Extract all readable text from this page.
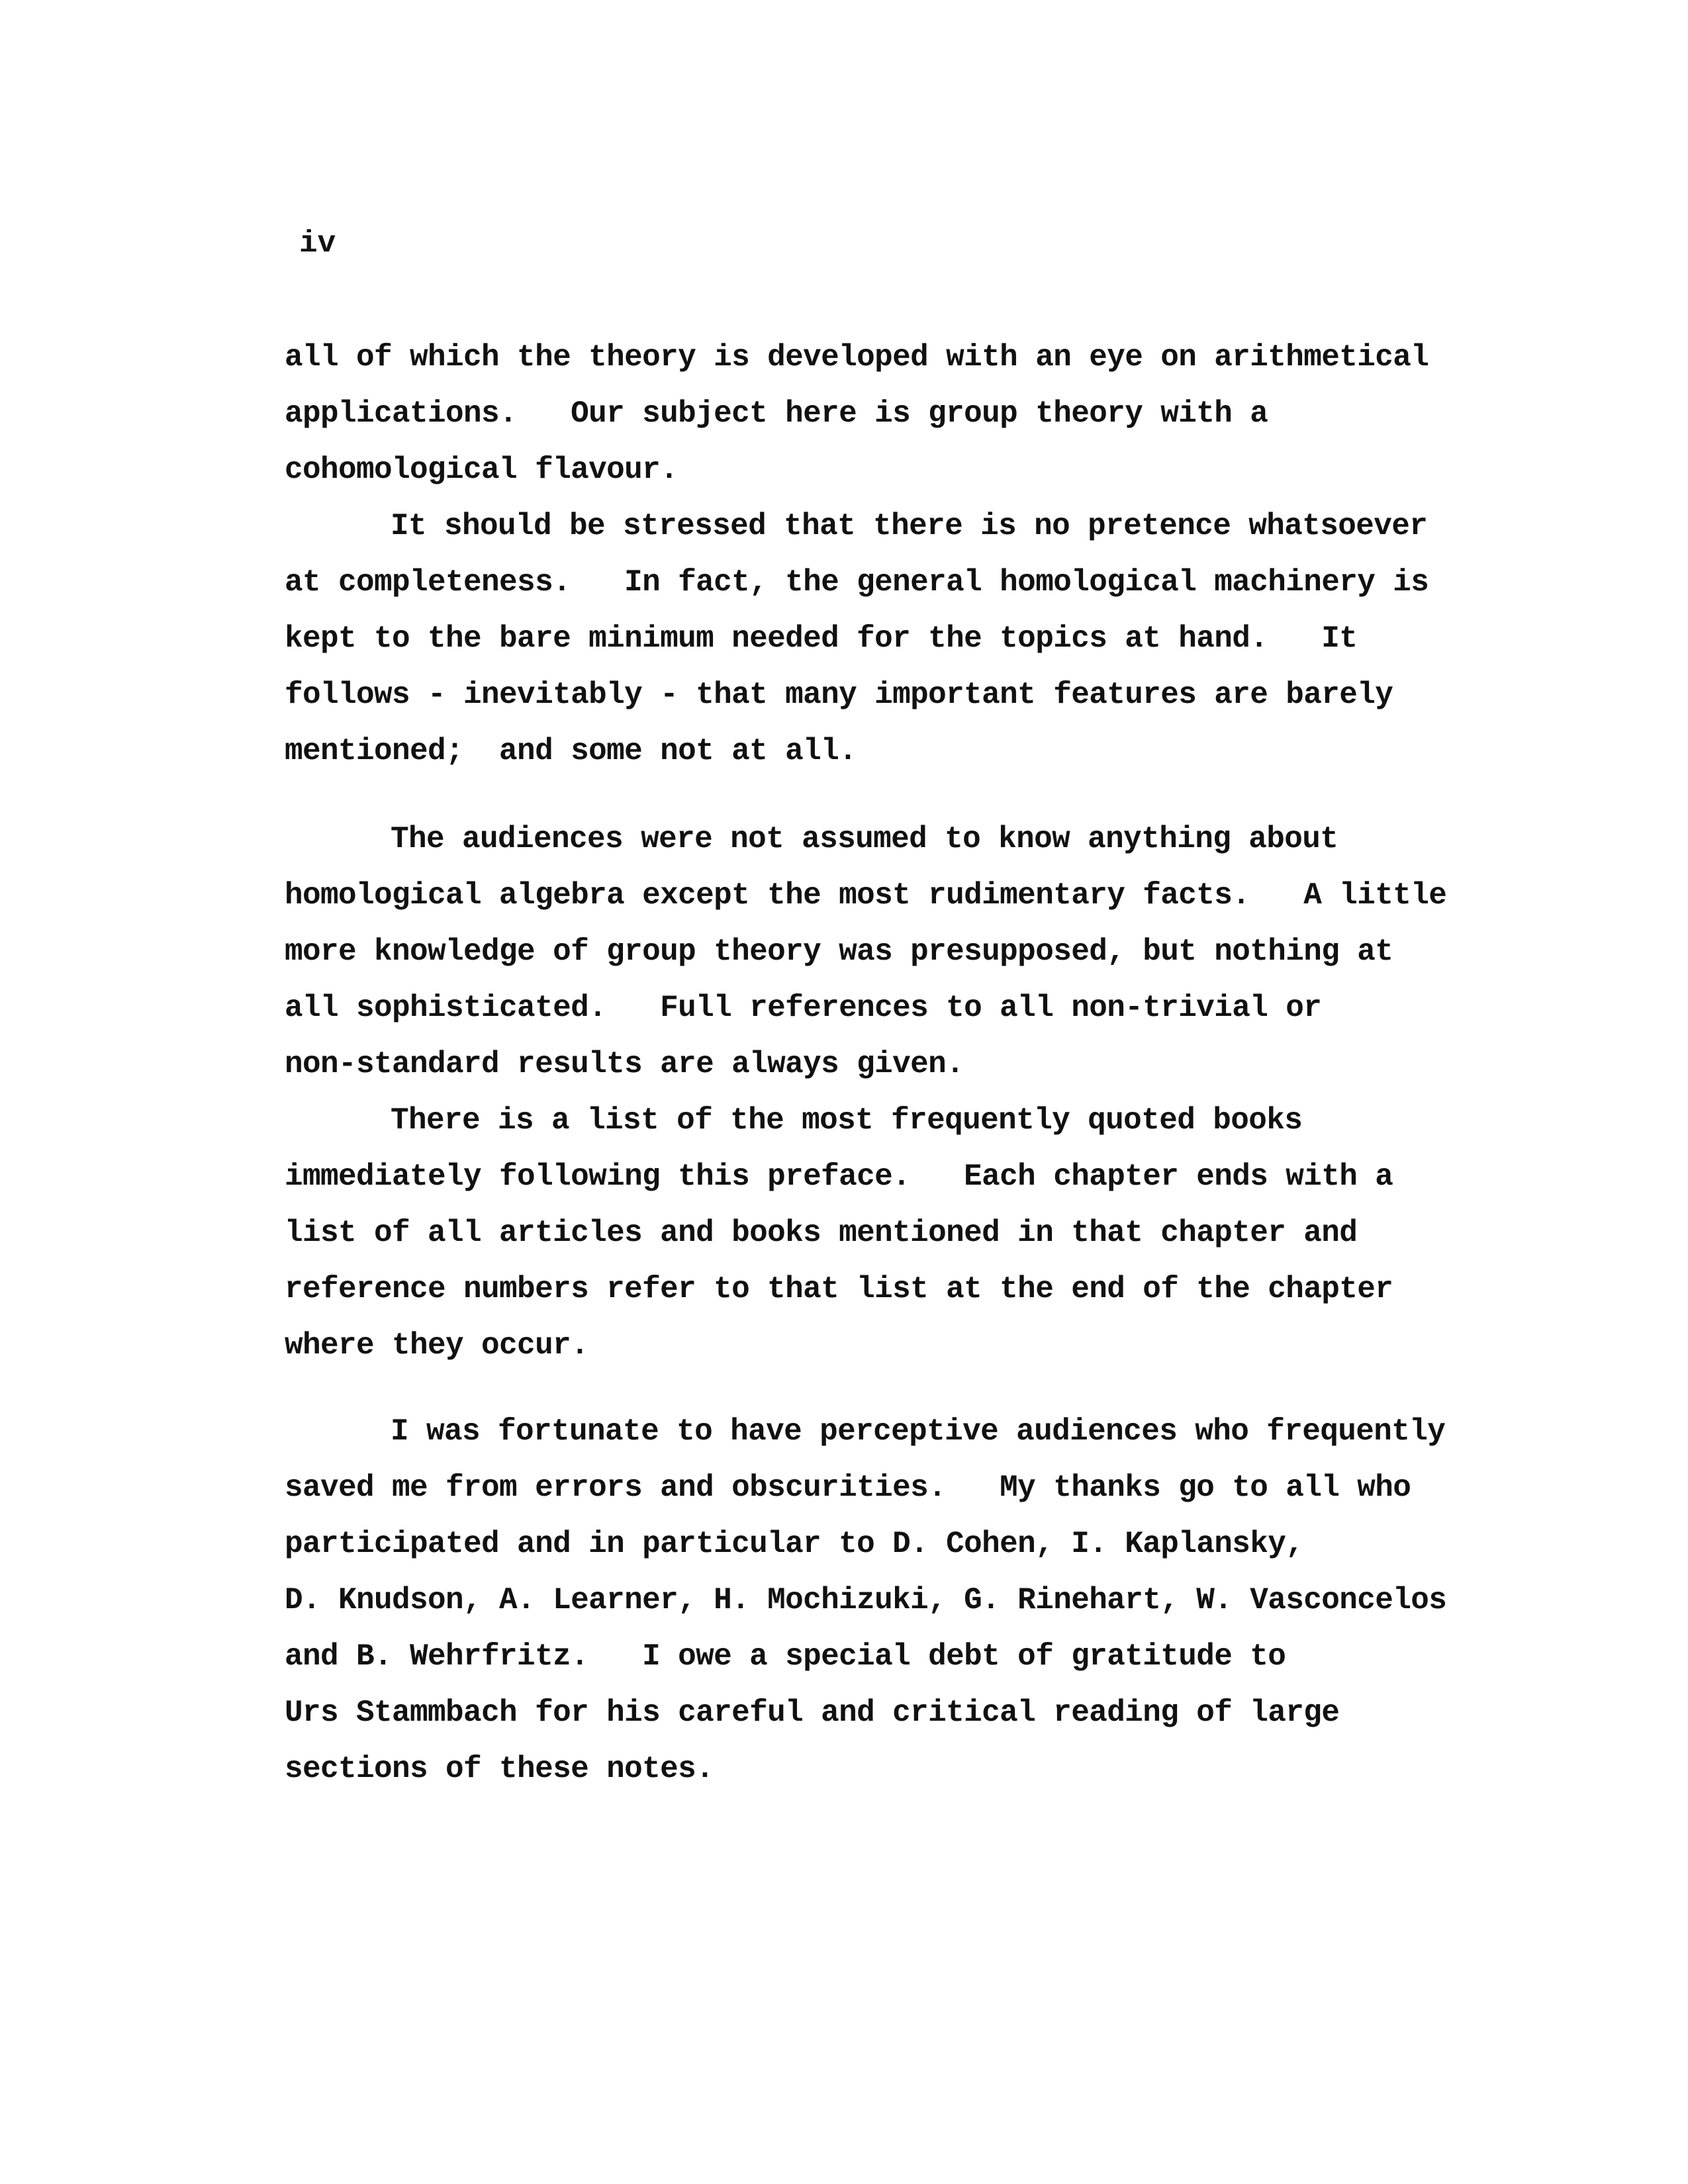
iv
all of which the theory is developed with an eye on arithmetical
applications.   Our subject here is group theory with a
cohomological flavour.
It should be stressed that there is no pretence whatsoever
at completeness.   In fact, the general homological machinery is
kept to the bare minimum needed for the topics at hand.   It
follows - inevitably - that many important features are barely
mentioned;  and some not at all.
The audiences were not assumed to know anything about
homological algebra except the most rudimentary facts.   A little
more knowledge of group theory was presupposed, but nothing at
all sophisticated.   Full references to all non-trivial or
non-standard results are always given.
There is a list of the most frequently quoted books
immediately following this preface.   Each chapter ends with a
list of all articles and books mentioned in that chapter and
reference numbers refer to that list at the end of the chapter
where they occur.
I was fortunate to have perceptive audiences who frequently
saved me from errors and obscurities.   My thanks go to all who
participated and in particular to D. Cohen, I. Kaplansky,
D. Knudson, A. Learner, H. Mochizuki, G. Rinehart, W. Vasconcelos
and B. Wehrfritz.   I owe a special debt of gratitude to
Urs Stammbach for his careful and critical reading of large
sections of these notes.
